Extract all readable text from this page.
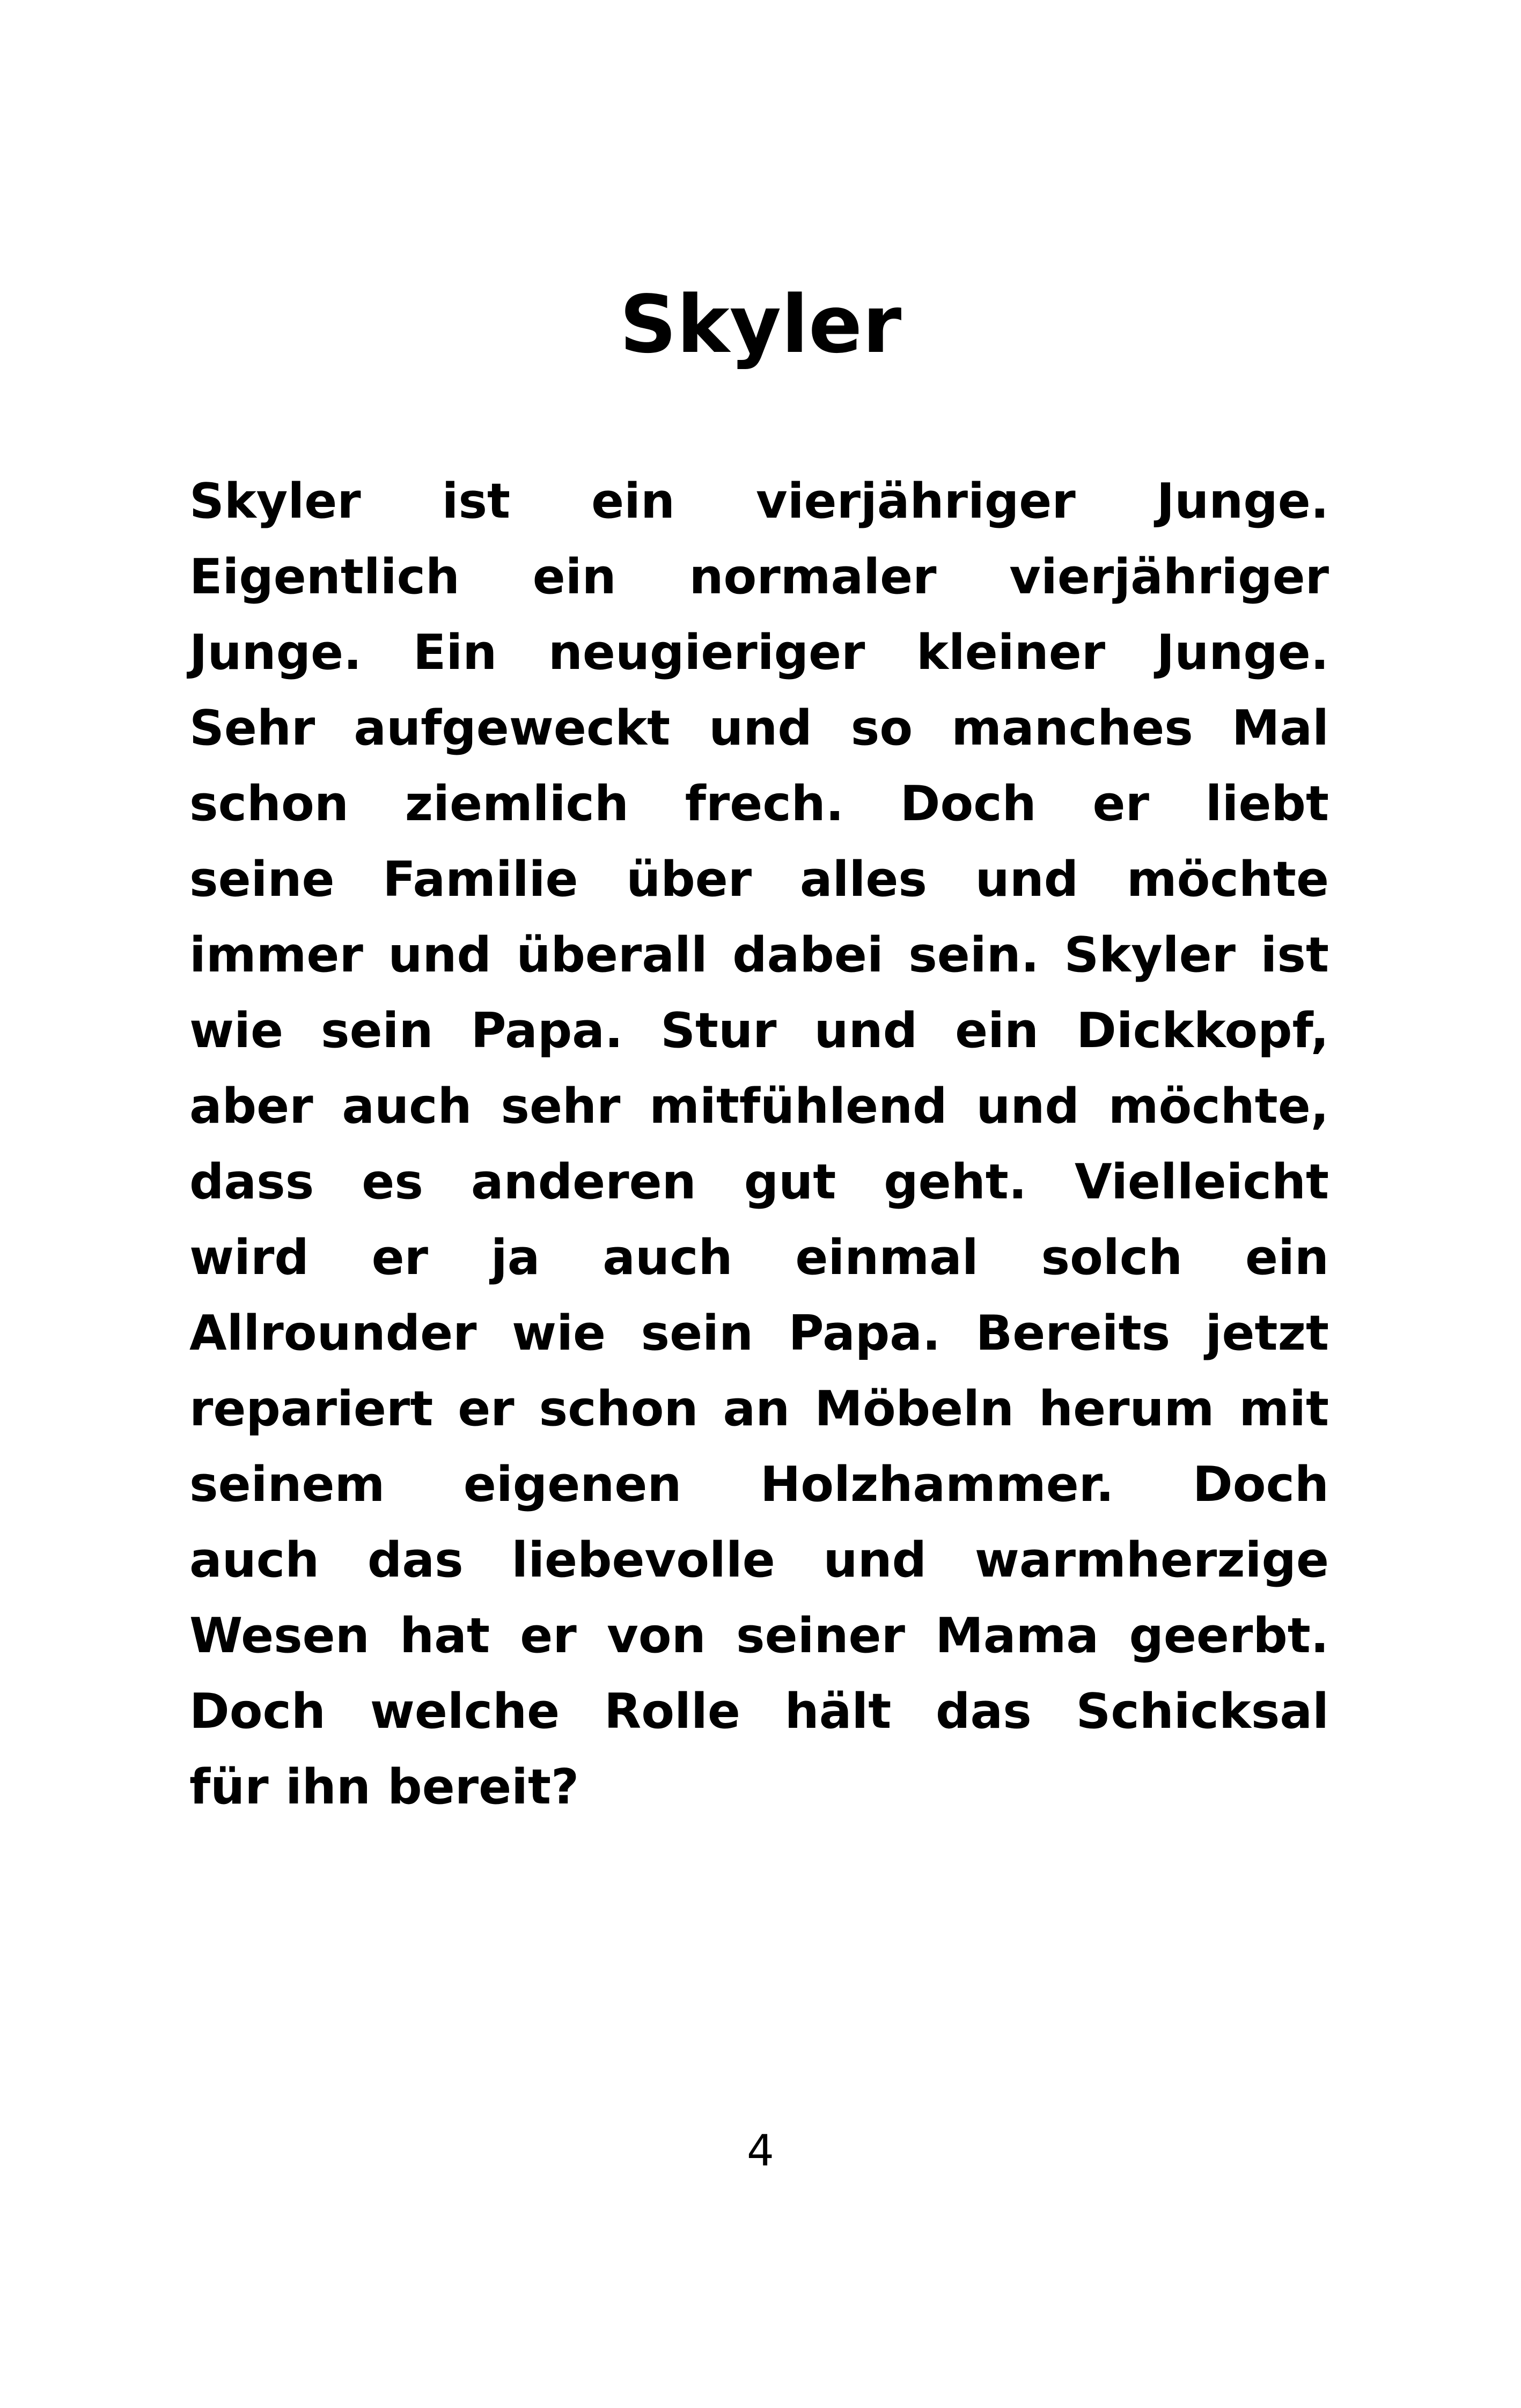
Skyler
Skyler ist ein vierjähriger Junge.
Eigentlich ein normaler vierjähriger
Junge. Ein neugieriger kleiner Junge.
Sehr aufgeweckt und so manches Mal
schon ziemlich frech. Doch er liebt
seine Familie über alles und möchte
immer und überall dabei sein. Skyler ist
wie sein Papa. Stur und ein Dickkopf,
aber auch sehr mitfühlend und möchte,
dass es anderen gut geht. Vielleicht
wird er ja auch einmal solch ein
Allrounder wie sein Papa. Bereits jetzt
repariert er schon an Möbeln herum mit
seinem eigenen Holzhammer. Doch
auch das liebevolle und warmherzige
Wesen hat er von seiner Mama geerbt.
Doch welche Rolle hält das Schicksal
für ihn bereit?
4
